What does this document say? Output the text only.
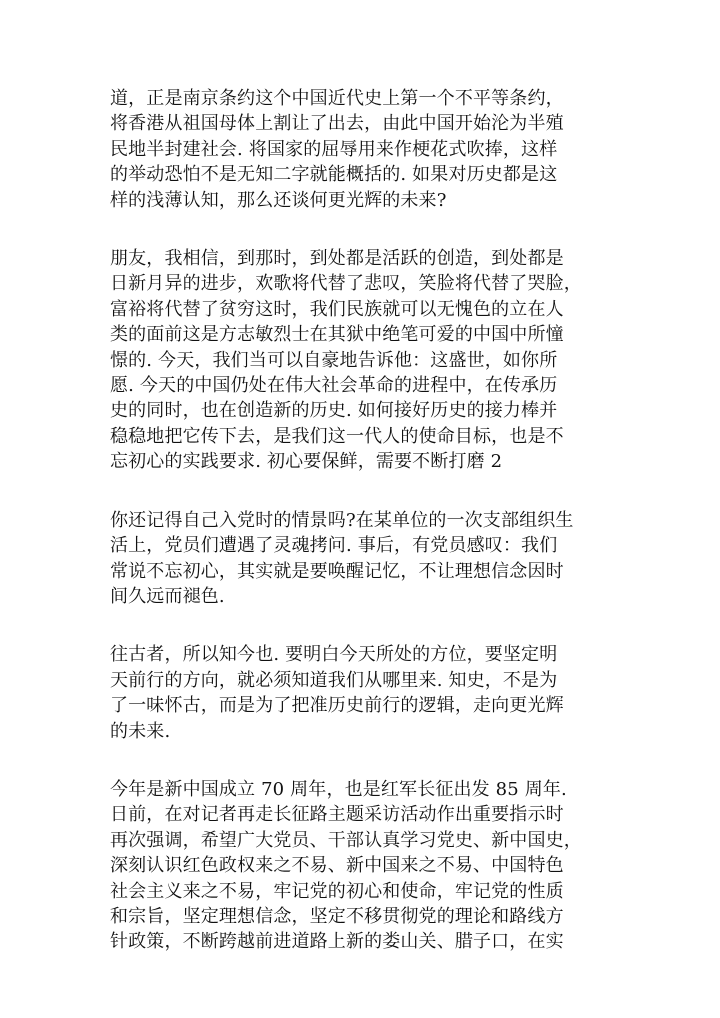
道，正是南京条约这个中国近代史上第一个不平等条约，
将香港从祖国母体上割让了出去，由此中国开始沦为半殖
民地半封建社会. 将国家的屈辱用来作梗花式吹捧，这样
的举动恐怕不是无知二字就能概括的. 如果对历史都是这
样的浅薄认知，那么还谈何更光辉的未来?

朋友，我相信，到那时，到处都是活跃的创造，到处都是
日新月异的进步，欢歌将代替了悲叹，笑脸将代替了哭脸，
富裕将代替了贫穷这时，我们民族就可以无愧色的立在人
类的面前这是方志敏烈士在其狱中绝笔可爱的中国中所憧
憬的. 今天，我们当可以自豪地告诉他：这盛世，如你所
愿. 今天的中国仍处在伟大社会革命的进程中，在传承历
史的同时，也在创造新的历史. 如何接好历史的接力棒并
稳稳地把它传下去，是我们这一代人的使命目标，也是不
忘初心的实践要求. 初心要保鲜，需要不断打磨 2

你还记得自己入党时的情景吗?在某单位的一次支部组织生
活上，党员们遭遇了灵魂拷问. 事后，有党员感叹：我们
常说不忘初心，其实就是要唤醒记忆，不让理想信念因时
间久远而褪色.

往古者，所以知今也. 要明白今天所处的方位，要坚定明
天前行的方向，就必须知道我们从哪里来. 知史，不是为
了一味怀古，而是为了把准历史前行的逻辑，走向更光辉
的未来.

今年是新中国成立 70 周年，也是红军长征出发 85 周年.
日前，在对记者再走长征路主题采访活动作出重要指示时
再次强调，希望广大党员、干部认真学习党史、新中国史，
深刻认识红色政权来之不易、新中国来之不易、中国特色
社会主义来之不易，牢记党的初心和使命，牢记党的性质
和宗旨，坚定理想信念，坚定不移贯彻党的理论和路线方
针政策，不断跨越前进道路上新的娄山关、腊子口，在实
